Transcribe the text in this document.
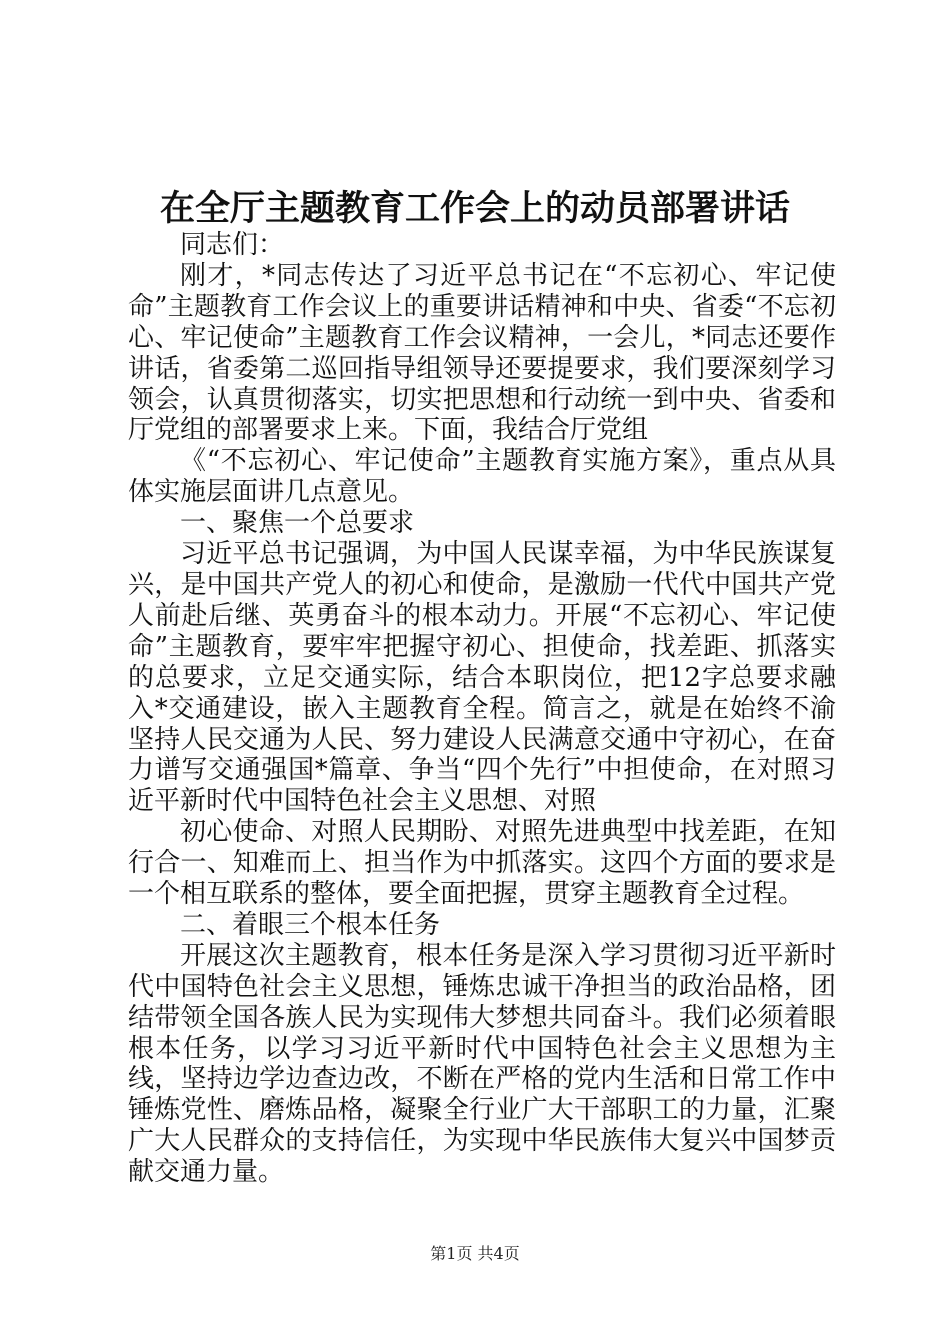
在全厅主题教育工作会上的动员部署讲话

同志们：

刚才，*同志传达了习近平总书记在“不忘初心、牢记使命”主题教育工作会议上的重要讲话精神和中央、省委“不忘初心、牢记使命”主题教育工作会议精神，一会儿，*同志还要作讲话，省委第二巡回指导组领导还要提要求，我们要深刻学习领会，认真贯彻落实，切实把思想和行动统一到中央、省委和厅党组的部署要求上来。下面，我结合厅党组

《“不忘初心、牢记使命”主题教育实施方案》，重点从具体实施层面讲几点意见。

一、聚焦一个总要求

习近平总书记强调，为中国人民谋幸福，为中华民族谋复兴，是中国共产党人的初心和使命，是激励一代代中国共产党人前赴后继、英勇奋斗的根本动力。开展“不忘初心、牢记使命”主题教育，要牢牢把握守初心、担使命，找差距、抓落实的总要求，立足交通实际，结合本职岗位，把12字总要求融入*交通建设，嵌入主题教育全程。简言之，就是在始终不渝坚持人民交通为人民、努力建设人民满意交通中守初心，在奋力谱写交通强国*篇章、争当“四个先行”中担使命，在对照习近平新时代中国特色社会主义思想、对照

初心使命、对照人民期盼、对照先进典型中找差距，在知行合一、知难而上、担当作为中抓落实。这四个方面的要求是一个相互联系的整体，要全面把握，贯穿主题教育全过程。

二、着眼三个根本任务

开展这次主题教育，根本任务是深入学习贯彻习近平新时代中国特色社会主义思想，锤炼忠诚干净担当的政治品格，团结带领全国各族人民为实现伟大梦想共同奋斗。我们必须着眼根本任务，以学习习近平新时代中国特色社会主义思想为主线，坚持边学边查边改，不断在严格的党内生活和日常工作中锤炼党性、磨炼品格，凝聚全行业广大干部职工的力量，汇聚广大人民群众的支持信任，为实现中华民族伟大复兴中国梦贡献交通力量。

第1页 共4页
